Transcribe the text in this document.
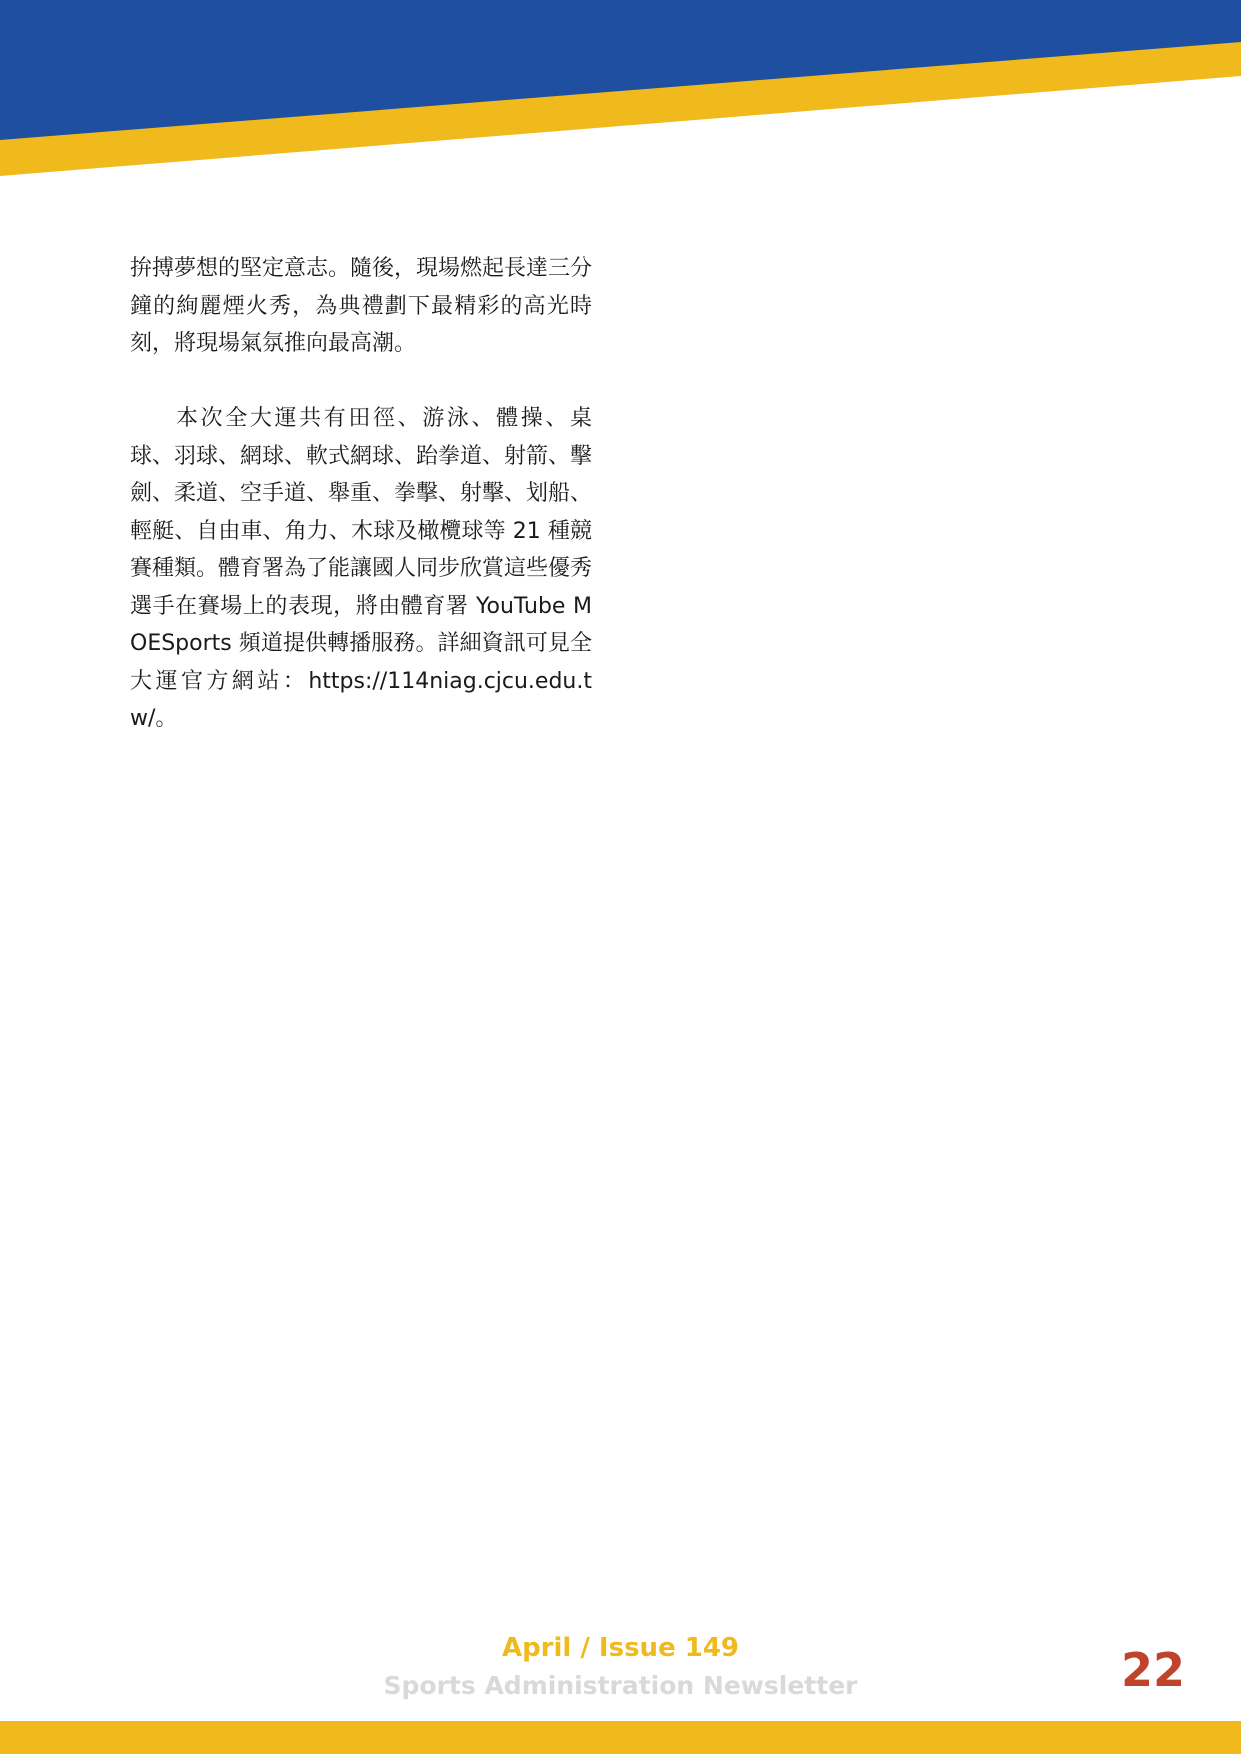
拚搏夢想的堅定意志。隨後，現場燃起長達三分鐘的絢麗煙火秀，為典禮劃下最精彩的高光時刻，將現場氣氛推向最高潮。

本次全大運共有田徑、游泳、體操、桌球、羽球、網球、軟式網球、跆拳道、射箭、擊劍、柔道、空手道、舉重、拳擊、射擊、划船、輕艇、自由車、角力、木球及橄欖球等 21 種競賽種類。體育署為了能讓國人同步欣賞這些優秀選手在賽場上的表現，將由體育署 YouTube MOESports 頻道提供轉播服務。詳細資訊可見全大運官方網站：https://114niag.cjcu.edu.tw/。

April / Issue 149
Sports Administration Newsletter	22
